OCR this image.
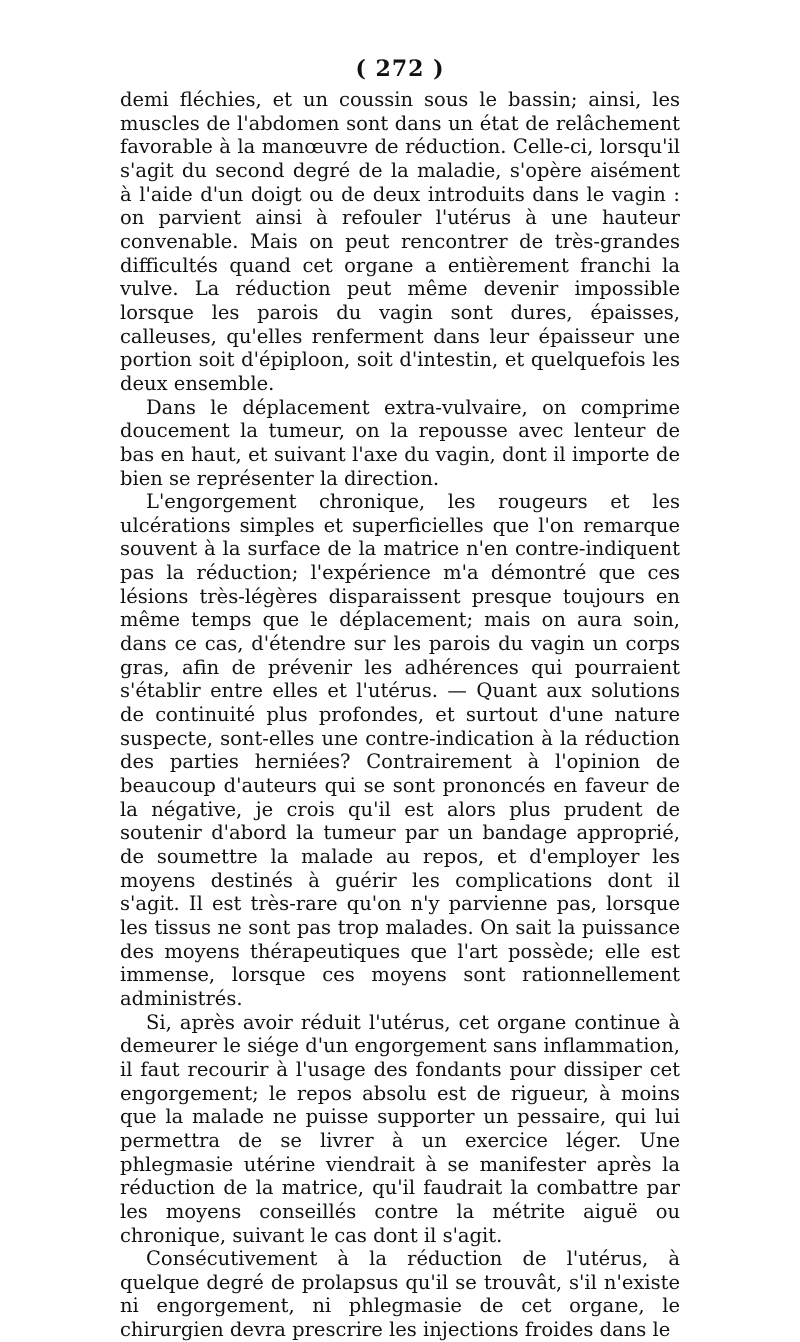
( 272 )

demi fléchies, et un coussin sous le bassin; ainsi, les muscles de l'abdomen sont dans un état de relâchement favorable à la manœuvre de réduction. Celle-ci, lorsqu'il s'agit du second degré de la maladie, s'opère aisément à l'aide d'un doigt ou de deux introduits dans le vagin : on parvient ainsi à refouler l'utérus à une hauteur convenable. Mais on peut rencontrer de très-grandes difficultés quand cet organe a entièrement franchi la vulve. La réduction peut même devenir impossible lorsque les parois du vagin sont dures, épaisses, calleuses, qu'elles renferment dans leur épaisseur une portion soit d'épiploon, soit d'intestin, et quelquefois les deux ensemble.

Dans le déplacement extra-vulvaire, on comprime doucement la tumeur, on la repousse avec lenteur de bas en haut, et suivant l'axe du vagin, dont il importe de bien se représenter la direction.

L'engorgement chronique, les rougeurs et les ulcérations simples et superficielles que l'on remarque souvent à la surface de la matrice n'en contre-indiquent pas la réduction; l'expérience m'a démontré que ces lésions très-légères disparaissent presque toujours en même temps que le déplacement; mais on aura soin, dans ce cas, d'étendre sur les parois du vagin un corps gras, afin de prévenir les adhérences qui pourraient s'établir entre elles et l'utérus. — Quant aux solutions de continuité plus profondes, et surtout d'une nature suspecte, sont-elles une contre-indication à la réduction des parties herniées? Contrairement à l'opinion de beaucoup d'auteurs qui se sont prononcés en faveur de la négative, je crois qu'il est alors plus prudent de soutenir d'abord la tumeur par un bandage approprié, de soumettre la malade au repos, et d'employer les moyens destinés à guérir les complications dont il s'agit. Il est très-rare qu'on n'y parvienne pas, lorsque les tissus ne sont pas trop malades. On sait la puissance des moyens thérapeutiques que l'art possède; elle est immense, lorsque ces moyens sont rationnellement administrés.

Si, après avoir réduit l'utérus, cet organe continue à demeurer le siége d'un engorgement sans inflammation, il faut recourir à l'usage des fondants pour dissiper cet engorgement; le repos absolu est de rigueur, à moins que la malade ne puisse supporter un pessaire, qui lui permettra de se livrer à un exercice léger. Une phlegmasie utérine viendrait à se manifester après la réduction de la matrice, qu'il faudrait la combattre par les moyens conseillés contre la métrite aiguë ou chronique, suivant le cas dont il s'agit.

Consécutivement à la réduction de l'utérus, à quelque degré de prolapsus qu'il se trouvât, s'il n'existe ni engorgement, ni phlegmasie de cet organe, le chirurgien devra prescrire les injections froides dans le
